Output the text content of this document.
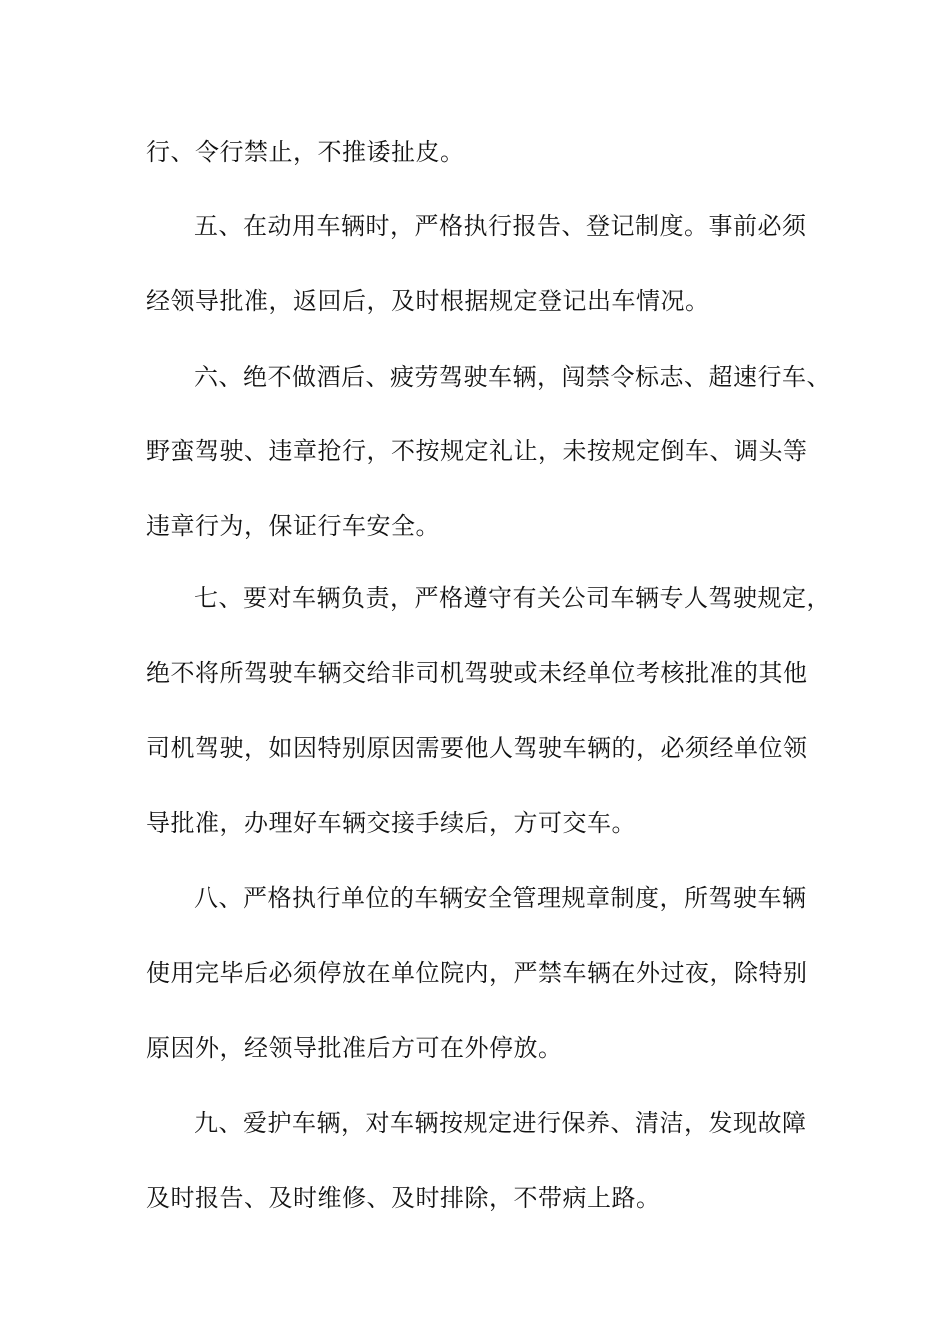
行、令行禁止，不推诿扯皮。
五、在动用车辆时，严格执行报告、登记制度。事前必须
经领导批准，返回后，及时根据规定登记出车情况。
六、绝不做酒后、疲劳驾驶车辆，闯禁令标志、超速行车、
野蛮驾驶、违章抢行，不按规定礼让，未按规定倒车、调头等
违章行为，保证行车安全。
七、要对车辆负责，严格遵守有关公司车辆专人驾驶规定，
绝不将所驾驶车辆交给非司机驾驶或未经单位考核批准的其他
司机驾驶，如因特别原因需要他人驾驶车辆的，必须经单位领
导批准，办理好车辆交接手续后，方可交车。
八、严格执行单位的车辆安全管理规章制度，所驾驶车辆
使用完毕后必须停放在单位院内，严禁车辆在外过夜，除特别
原因外，经领导批准后方可在外停放。
九、爱护车辆，对车辆按规定进行保养、清洁，发现故障
及时报告、及时维修、及时排除，不带病上路。
